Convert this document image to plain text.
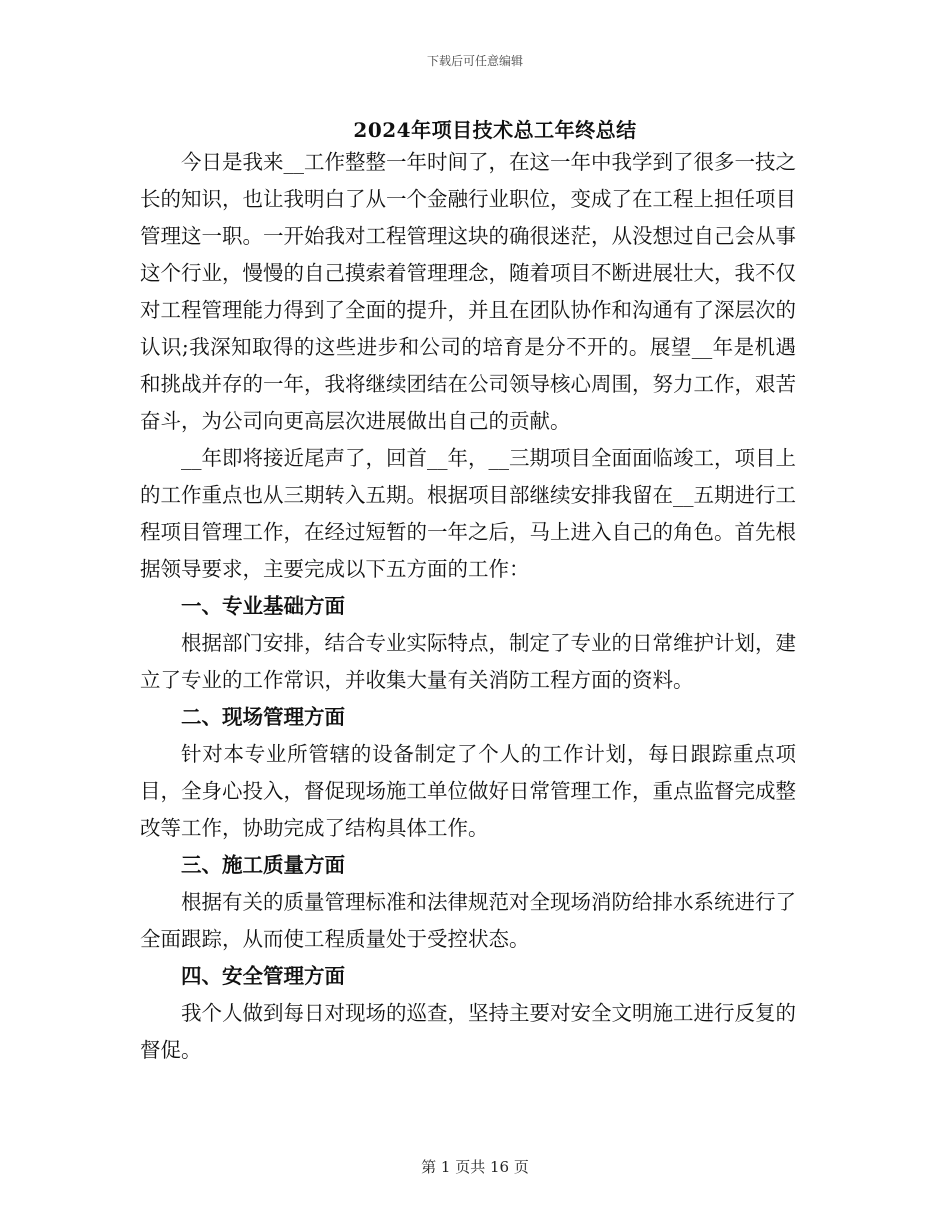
下载后可任意编辑
2024年项目技术总工年终总结

今日是我来__工作整整一年时间了，在这一年中我学到了很多一技之长的知识，也让我明白了从一个金融行业职位，变成了在工程上担任项目管理这一职。一开始我对工程管理这块的确很迷茫，从没想过自己会从事这个行业，慢慢的自己摸索着管理理念，随着项目不断进展壮大，我不仅对工程管理能力得到了全面的提升，并且在团队协作和沟通有了深层次的认识;我深知取得的这些进步和公司的培育是分不开的。展望__年是机遇和挑战并存的一年，我将继续团结在公司领导核心周围，努力工作，艰苦奋斗，为公司向更高层次进展做出自己的贡献。

__年即将接近尾声了，回首__年，__三期项目全面面临竣工，项目上的工作重点也从三期转入五期。根据项目部继续安排我留在__五期进行工程项目管理工作，在经过短暂的一年之后，马上进入自己的角色。首先根据领导要求，主要完成以下五方面的工作：

一、专业基础方面

根据部门安排，结合专业实际特点，制定了专业的日常维护计划，建立了专业的工作常识，并收集大量有关消防工程方面的资料。

二、现场管理方面

针对本专业所管辖的设备制定了个人的工作计划，每日跟踪重点项目，全身心投入，督促现场施工单位做好日常管理工作，重点监督完成整改等工作，协助完成了结构具体工作。

三、施工质量方面

根据有关的质量管理标准和法律规范对全现场消防给排水系统进行了全面跟踪，从而使工程质量处于受控状态。

四、安全管理方面

我个人做到每日对现场的巡查，坚持主要对安全文明施工进行反复的督促。

第 1 页共 16 页
